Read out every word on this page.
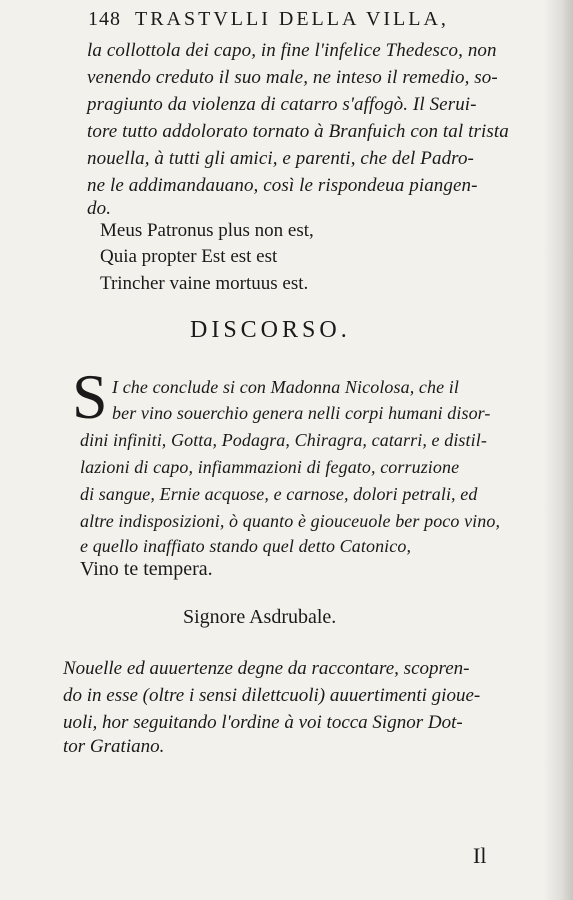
148 TRASTVLLI DELLA VILLA,
la collottola dei capo, in fine l'infelice Thedesco, non
venendo creduto il suo male, ne inteso il remedio, so-
pragiunto da violenza di catarro s'affogò. Il Serui-
tore tutto addolorato tornato à Branfuich con tal trista
nouella, à tutti gli amici, e parenti, che del Padro-
ne le addimandauano, così le rispondeua piangen-
do.
Meus Patronus plus non est,
Quia propter Est est est
Trincher vaine mortuus est.
DISCORSO.
S I che conclude si con Madonna Nicolosa, che il
ber vino souerchio genera nelli corpi humani disor-
dini infiniti, Gotta, Podagra, Chiragra, catarri, e distil-
lazioni di capo, infiammazioni di fegato, corruzione
di sangue, Ernie acquose, e carnose, dolori petrali, ed
altre indisposizioni, ò quanto è giouceuole ber poco vino,
e quello inaffiato stando quel detto Catonico,
Vino te tempera.
Signore Asdrubale.
Nouelle ed auuertenze degne da raccontare, scopren-
do in esse (oltre i sensi dilettcuoli) auuertimenti gioue-
uoli, hor seguitando l'ordine à voi tocca Signor Dot-
tor Gratiano.
Il
